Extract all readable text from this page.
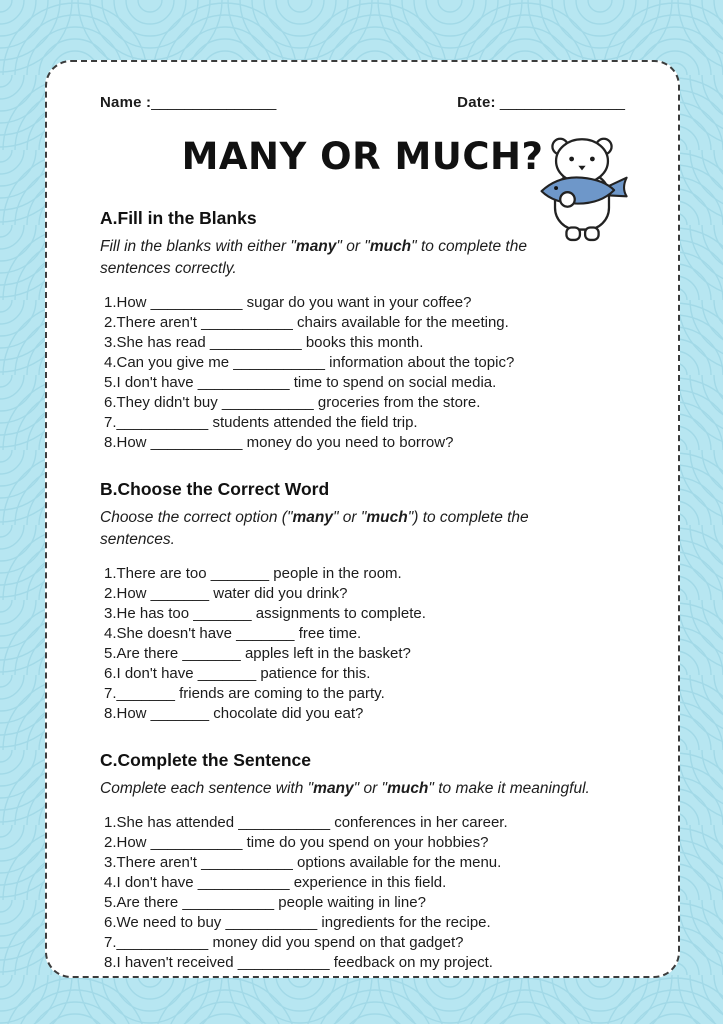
Name :_______________	Date: _______________
MANY OR MUCH?
A.Fill in the Blanks

Fill in the blanks with either "many" or "much" to complete the sentences correctly.

1.How ___________ sugar do you want in your coffee?
2.There aren't ___________ chairs available for the meeting.
3.She has read ___________ books this month.
4.Can you give me ___________ information about the topic?
5.I don't have ___________ time to spend on social media.
6.They didn't buy ___________ groceries from the store.
7.___________ students attended the field trip.
8.How ___________ money do you need to borrow?
B.Choose the Correct Word

Choose the correct option ("many" or "much") to complete the sentences.

1.There are too _______ people in the room.
2.How _______ water did you drink?
3.He has too _______ assignments to complete.
4.She doesn't have _______ free time.
5.Are there _______ apples left in the basket?
6.I don't have _______ patience for this.
7._______ friends are coming to the party.
8.How _______ chocolate did you eat?
C.Complete the Sentence

Complete each sentence with "many" or "much" to make it meaningful.

1.She has attended ___________ conferences in her career.
2.How ___________ time do you spend on your hobbies?
3.There aren't ___________ options available for the menu.
4.I don't have ___________ experience in this field.
5.Are there ___________ people waiting in line?
6.We need to buy ___________ ingredients for the recipe.
7.___________ money did you spend on that gadget?
8.I haven't received ___________ feedback on my project.
